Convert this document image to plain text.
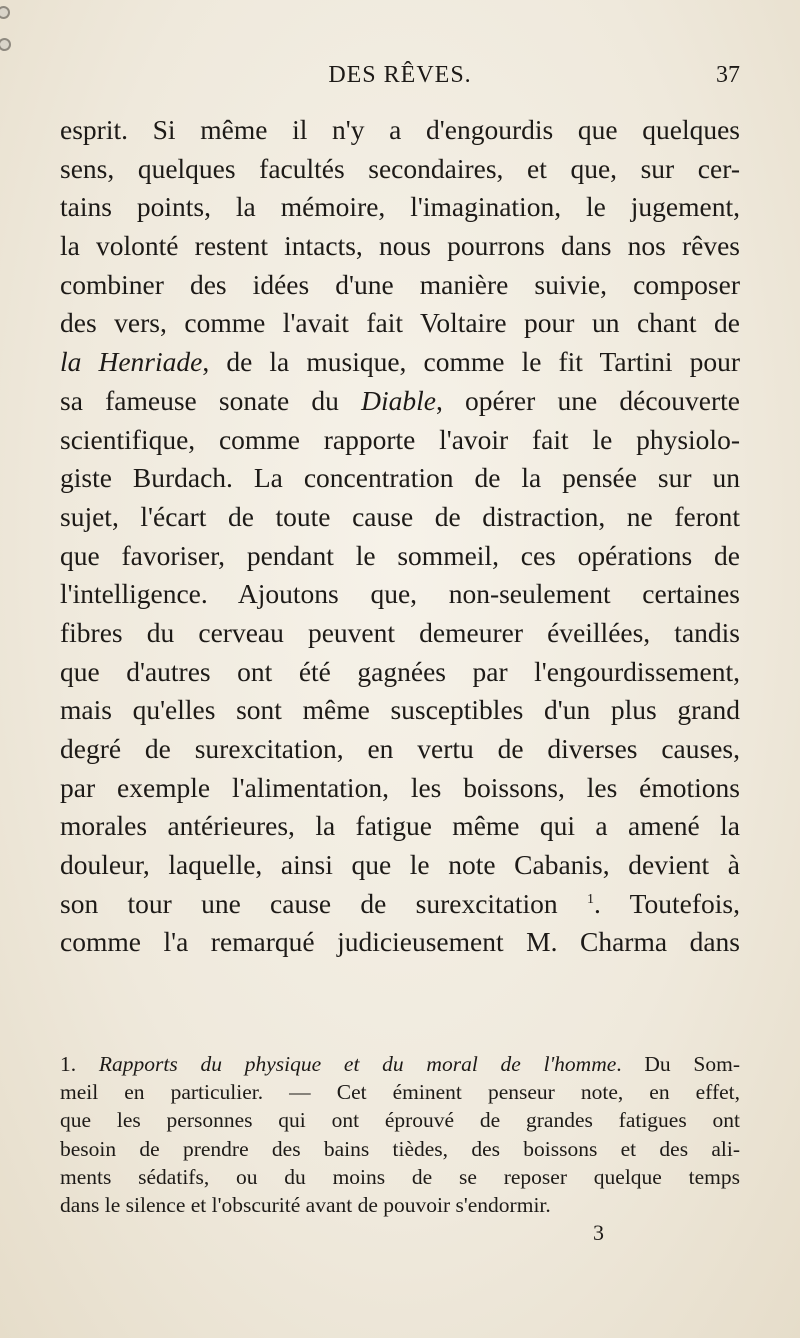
DES RÊVES.	37
esprit. Si même il n'y a d'engourdis que quelques
sens, quelques facultés secondaires, et que, sur cer-
tains points, la mémoire, l'imagination, le jugement,
la volonté restent intacts, nous pourrons dans nos rêves
combiner des idées d'une manière suivie, composer
des vers, comme l'avait fait Voltaire pour un chant de
la Henriade, de la musique, comme le fit Tartini pour
sa fameuse sonate du Diable, opérer une découverte
scientifique, comme rapporte l'avoir fait le physiolo-
giste Burdach. La concentration de la pensée sur un
sujet, l'écart de toute cause de distraction, ne feront
que favoriser, pendant le sommeil, ces opérations de
l'intelligence. Ajoutons que, non-seulement certaines
fibres du cerveau peuvent demeurer éveillées, tandis
que d'autres ont été gagnées par l'engourdissement,
mais qu'elles sont même susceptibles d'un plus grand
degré de surexcitation, en vertu de diverses causes,
par exemple l'alimentation, les boissons, les émotions
morales antérieures, la fatigue même qui a amené la
douleur, laquelle, ainsi que le note Cabanis, devient à
son tour une cause de surexcitation $^1$. Toutefois,
comme l'a remarqué judicieusement M. Charma dans
1. Rapports du physique et du moral de l'homme. Du Som-
meil en particulier. — Cet éminent penseur note, en effet,
que les personnes qui ont éprouvé de grandes fatigues ont
besoin de prendre des bains tièdes, des boissons et des ali-
ments sédatifs, ou du moins de se reposer quelque temps
dans le silence et l'obscurité avant de pouvoir s'endormir.
3
